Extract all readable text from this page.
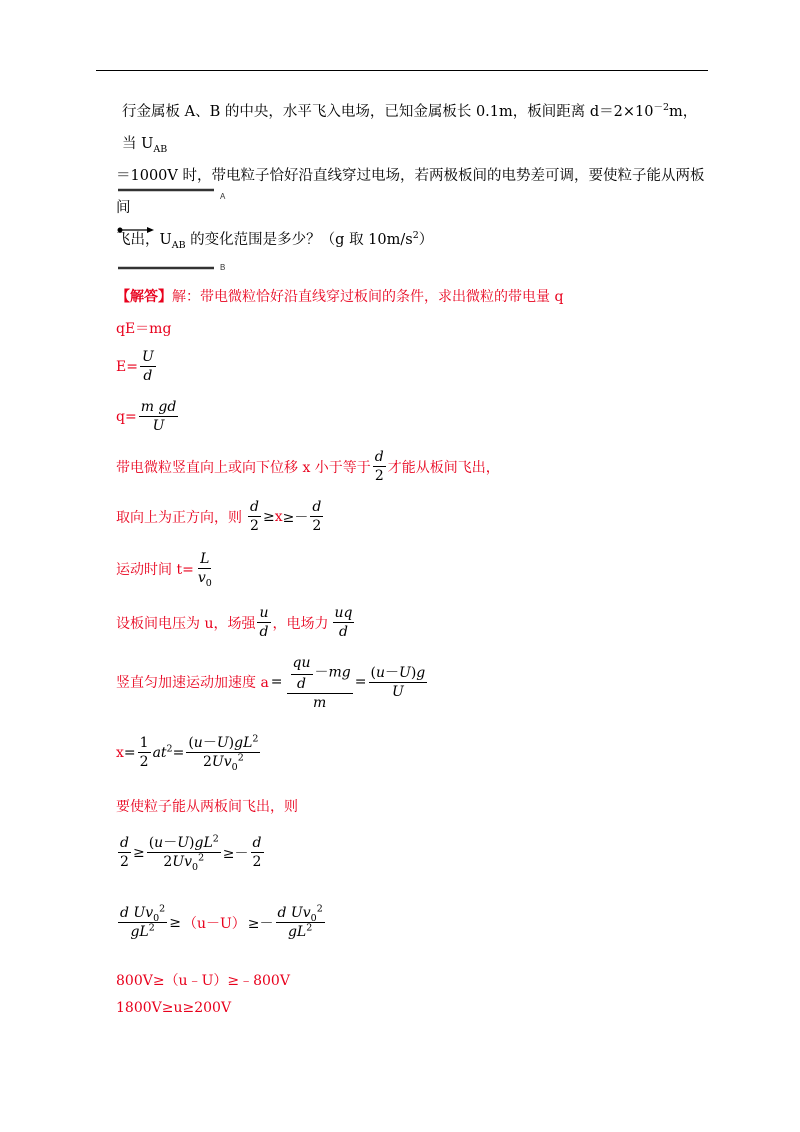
行金属板 A、B 的中央，水平飞入电场，已知金属板长 0.1m，板间距离 $d=2\times 10^{-2}m$，当 $U_{AB}$
＝1000V 时，带电粒子恰好沿直线穿过电场，若两极板间的电势差可调，要使粒子能从两板间
飞出，$U_{AB}$ 的变化范围是多少？（g 取 $10m/s^2$）
A
B
【解答】 解：带电微粒恰好沿直线穿过板间的条件，求出微粒的带电量 q
qE＝mg
$E= \frac{U}{d}$
$q= \frac{\text{m gd}}{U}$
带电微粒竖直向上或向下位移 x 小于等于 $\frac{d}{2}$ 才能从板间飞出，
取向上为正方向，则 $\frac{d}{2} \ge x \ge- \frac{d}{2}$
运动时间 $t= \frac{L}{v_0}$
设板间电压为 u，场强 $\frac{u}{d}$ ，电场力 $\frac{uq}{d}$
竖直匀加速运动加速度 $a = \frac{\frac{qu}{d} -mg}{m} = \frac{(u-U)g}{U}$
$x = \frac{1}{2} at^2 = \frac{(u-U)gL^2}{2Uv_0^2}$
要使粒子能从两板间飞出，则
$\frac{d}{2} \ge \frac{(u-U)gL^2}{2Uv_0^2} \ge- \frac{d}{2}$
$\frac{d Uv_0^2}{gL^2} \ge (u-U) \ge- \frac{d Uv_0^2}{gL^2}$
800V≥（u﹣U）≥﹣800V
1800V≥u≥200V
